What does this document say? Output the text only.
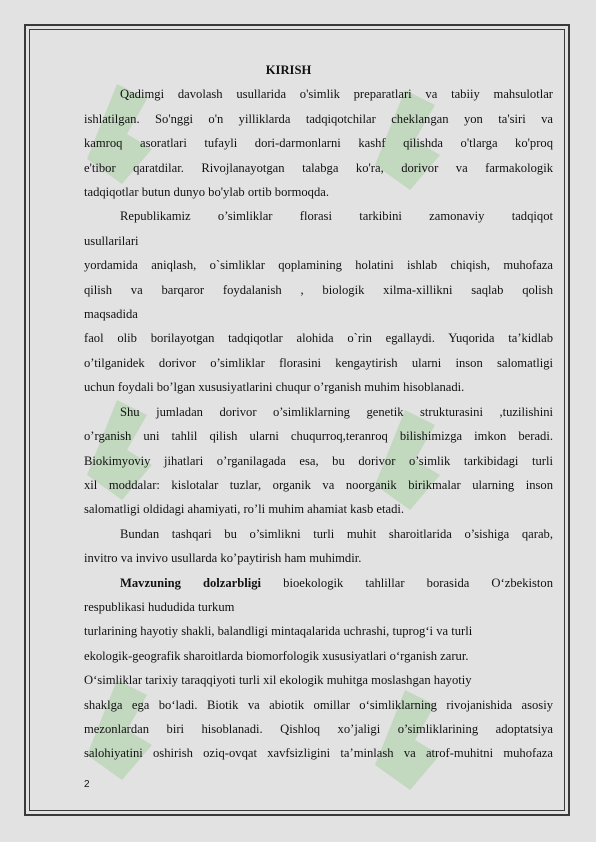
KIRISH

Qadimgi davolash usullarida o'simlik preparatlari va tabiiy mahsulotlar

ishlatilgan. So'nggi o'n yilliklarda tadqiqotchilar cheklangan yon ta'siri va

kamroq asoratlari tufayli dori-darmonlarni kashf qilishda o'tlarga ko'proq

e'tibor qaratdilar. Rivojlanayotgan talabga ko'ra, dorivor va farmakologik

tadqiqotlar butun dunyo bo'ylab ortib bormoqda.

Republikamiz o’simliklar florasi tarkibini zamonaviy tadqiqot

usullarilari

yordamida aniqlash, o`simliklar qoplamining holatini ishlab chiqish, muhofaza

qilish va barqaror foydalanish , biologik xilma-xillikni saqlab qolish

maqsadida

faol olib borilayotgan tadqiqotlar alohida o`rin egallaydi. Yuqorida ta’kidlab

o’tilganidek dorivor o’simliklar florasini kengaytirish ularni inson salomatligi

uchun foydali bo’lgan xususiyatlarini chuqur o’rganish muhim hisoblanadi.

Shu jumladan dorivor o’simliklarning genetik strukturasini ,tuzilishini

o’rganish uni tahlil qilish ularni chuqurroq,teranroq bilishimizga imkon beradi.

Biokimyoviy jihatlari o’rganilagada esa, bu dorivor o’simlik tarkibidagi turli

xil moddalar: kislotalar tuzlar, organik va noorganik birikmalar ularning inson

salomatligi oldidagi ahamiyati, ro’li muhim ahamiat kasb etadi.

Bundan tashqari bu o’simlikni turli muhit sharoitlarida o’sishiga qarab,

invitro va invivo usullarda ko’paytirish ham muhimdir.

Mavzuning dolzarbligi bioekologik tahlillar borasida O‘zbekiston

respublikasi hududida turkum

turlarining hayotiy shakli, balandligi mintaqalarida uchrashi, tuprog‘i va turli

ekologik-geografik sharoitlarda biomorfologik xususiyatlari o‘rganish zarur.

O‘simliklar tarixiy taraqqiyoti turli xil ekologik muhitga moslashgan hayotiy

shaklga ega bo‘ladi. Biotik va abiotik omillar o‘simliklarning rivojanishida asosiy

mezonlardan biri hisoblanadi. Qishloq xo’jaligi o’simliklarining adoptatsiya

salohiyatini oshirish oziq-ovqat xavfsizligini ta’minlash va atrof-muhitni muhofaza

2
